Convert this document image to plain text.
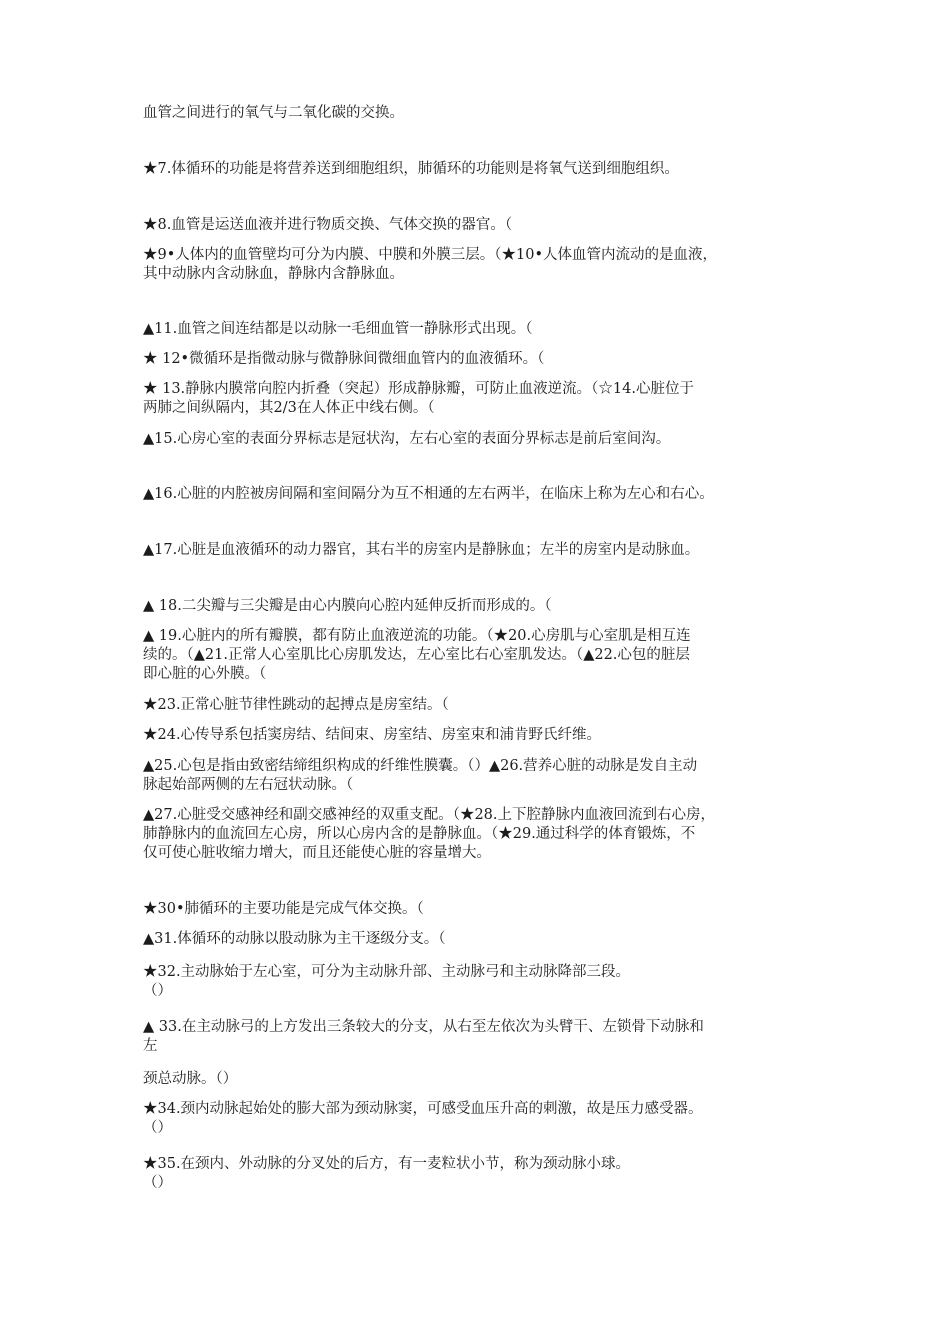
血管之间进行的氧气与二氧化碳的交换。

★7.体循环的功能是将营养送到细胞组织，肺循环的功能则是将氧气送到细胞组织。

★8.血管是运送血液并进行物质交换、气体交换的器官。（

★9•人体内的血管壁均可分为内膜、中膜和外膜三层。（★10•人体血管内流动的是血液，
其中动脉内含动脉血，静脉内含静脉血。

▲11.血管之间连结都是以动脉一毛细血管一静脉形式出现。（

★ 12•微循环是指微动脉与微静脉间微细血管内的血液循环。（

★ 13.静脉内膜常向腔内折叠（突起）形成静脉瓣，可防止血液逆流。（☆14.心脏位于
两肺之间纵隔内，其2/3在人体正中线右侧。（

▲15.心房心室的表面分界标志是冠状沟，左右心室的表面分界标志是前后室间沟。

▲16.心脏的内腔被房间隔和室间隔分为互不相通的左右两半，在临床上称为左心和右心。

▲17.心脏是血液循环的动力器官，其右半的房室内是静脉血；左半的房室内是动脉血。

▲ 18.二尖瓣与三尖瓣是由心内膜向心腔内延伸反折而形成的。（

▲ 19.心脏内的所有瓣膜，都有防止血液逆流的功能。（★20.心房肌与心室肌是相互连
续的。（▲21.正常人心室肌比心房肌发达，左心室比右心室肌发达。（▲22.心包的脏层
即心脏的心外膜。（

★23.正常心脏节律性跳动的起搏点是房室结。（

★24.心传导系包括窦房结、结间束、房室结、房室束和浦肯野氏纤维。

▲25.心包是指由致密结缔组织构成的纤维性膜囊。（）▲26.营养心脏的动脉是发自主动
脉起始部两侧的左右冠状动脉。（

▲27.心脏受交感神经和副交感神经的双重支配。（★28.上下腔静脉内血液回流到右心房，
肺静脉内的血流回左心房，所以心房内含的是静脉血。（★29.通过科学的体育锻炼，不
仅可使心脏收缩力增大，而且还能使心脏的容量增大。

★30•肺循环的主要功能是完成气体交换。（

▲31.体循环的动脉以股动脉为主干逐级分支。（

★32.主动脉始于左心室，可分为主动脉升部、主动脉弓和主动脉降部三段。
（）

▲ 33.在主动脉弓的上方发出三条较大的分支，从右至左依次为头臂干、左锁骨下动脉和
左

颈总动脉。（）

★34.颈内动脉起始处的膨大部为颈动脉窦，可感受血压升高的刺激，故是压力感受器。
（）

★35.在颈内、外动脉的分叉处的后方，有一麦粒状小节，称为颈动脉小球。
（）
